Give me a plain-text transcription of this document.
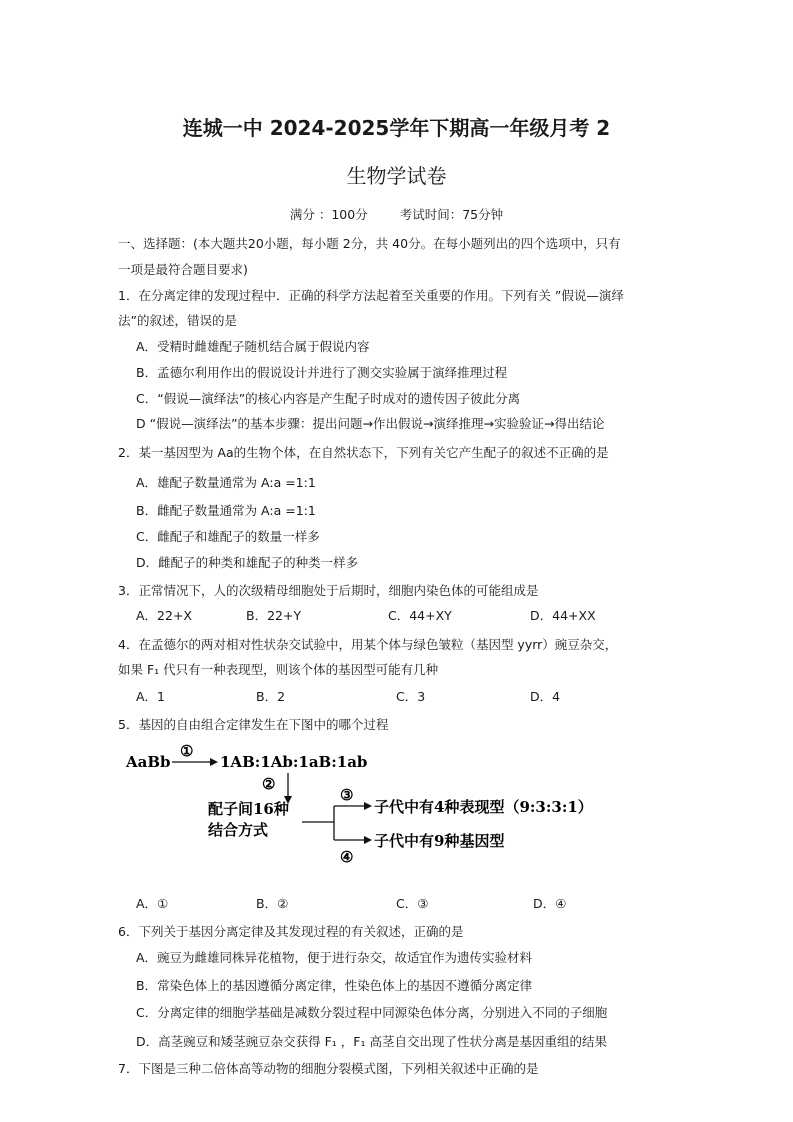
连城一中 2024-2025学年下期高一年级月考 2
生物学试卷
满分 ：100分	考试时间：75分钟
一、选择题：(本大题共20小题，每小题 2分，共 40分。在每小题列出的四个选项中，只有
一项是最符合题目要求)
1．在分离定律的发现过程中．正确的科学方法起着至关重要的作用。下列有关 ”假说—演绎
法”的叙述，错误的是
A．受精时雌雄配子随机结合属于假说内容
B．孟德尔利用作出的假说设计并进行了测交实验属于演绎推理过程
C．“假说—演绎法”的核心内容是产生配子时成对的遗传因子彼此分离
D “假说—演绎法”的基本步骤：提出问题→作出假说→演绎推理→实验验证→得出结论
2．某一基因型为 Aa的生物个体，在自然状态下，下列有关它产生配子的叙述不正确的是
A．雄配子数量通常为 A:a =1:1
B．雌配子数量通常为 A:a =1:1
C．雌配子和雄配子的数量一样多
D．雌配子的种类和雄配子的种类一样多
3．正常情况下，人的次级精母细胞处于后期时，细胞内染色体的可能组成是
A．22+X	B．22+Y	C．44+XY	D．44+XX
4．在孟德尔的两对相对性状杂交试验中，用某个体与绿色皱粒（基因型 yyrr）豌豆杂交，
如果 F₁ 代只有一种表现型，则该个体的基因型可能有几种
A．1	B．2	C．3	D．4
5．基因的自由组合定律发生在下图中的哪个过程
AaBb
①
1AB:1Ab:1aB:1ab
②
配子间16种
结合方式
③
子代中有4种表现型（9:3:3:1）
④
子代中有9种基因型
A．①	B．②	C．③	D．④
6．下列关于基因分离定律及其发现过程的有关叙述，正确的是
A．豌豆为雌雄同株异花植物，便于进行杂交，故适宜作为遗传实验材料
B．常染色体上的基因遵循分离定律，性染色体上的基因不遵循分离定律
C．分离定律的细胞学基础是减数分裂过程中同源染色体分离，分别进入不同的子细胞
D．高茎豌豆和矮茎豌豆杂交获得 F₁ ，F₁ 高茎自交出现了性状分离是基因重组的结果
7．下图是三种二倍体高等动物的细胞分裂模式图，下列相关叙述中正确的是
